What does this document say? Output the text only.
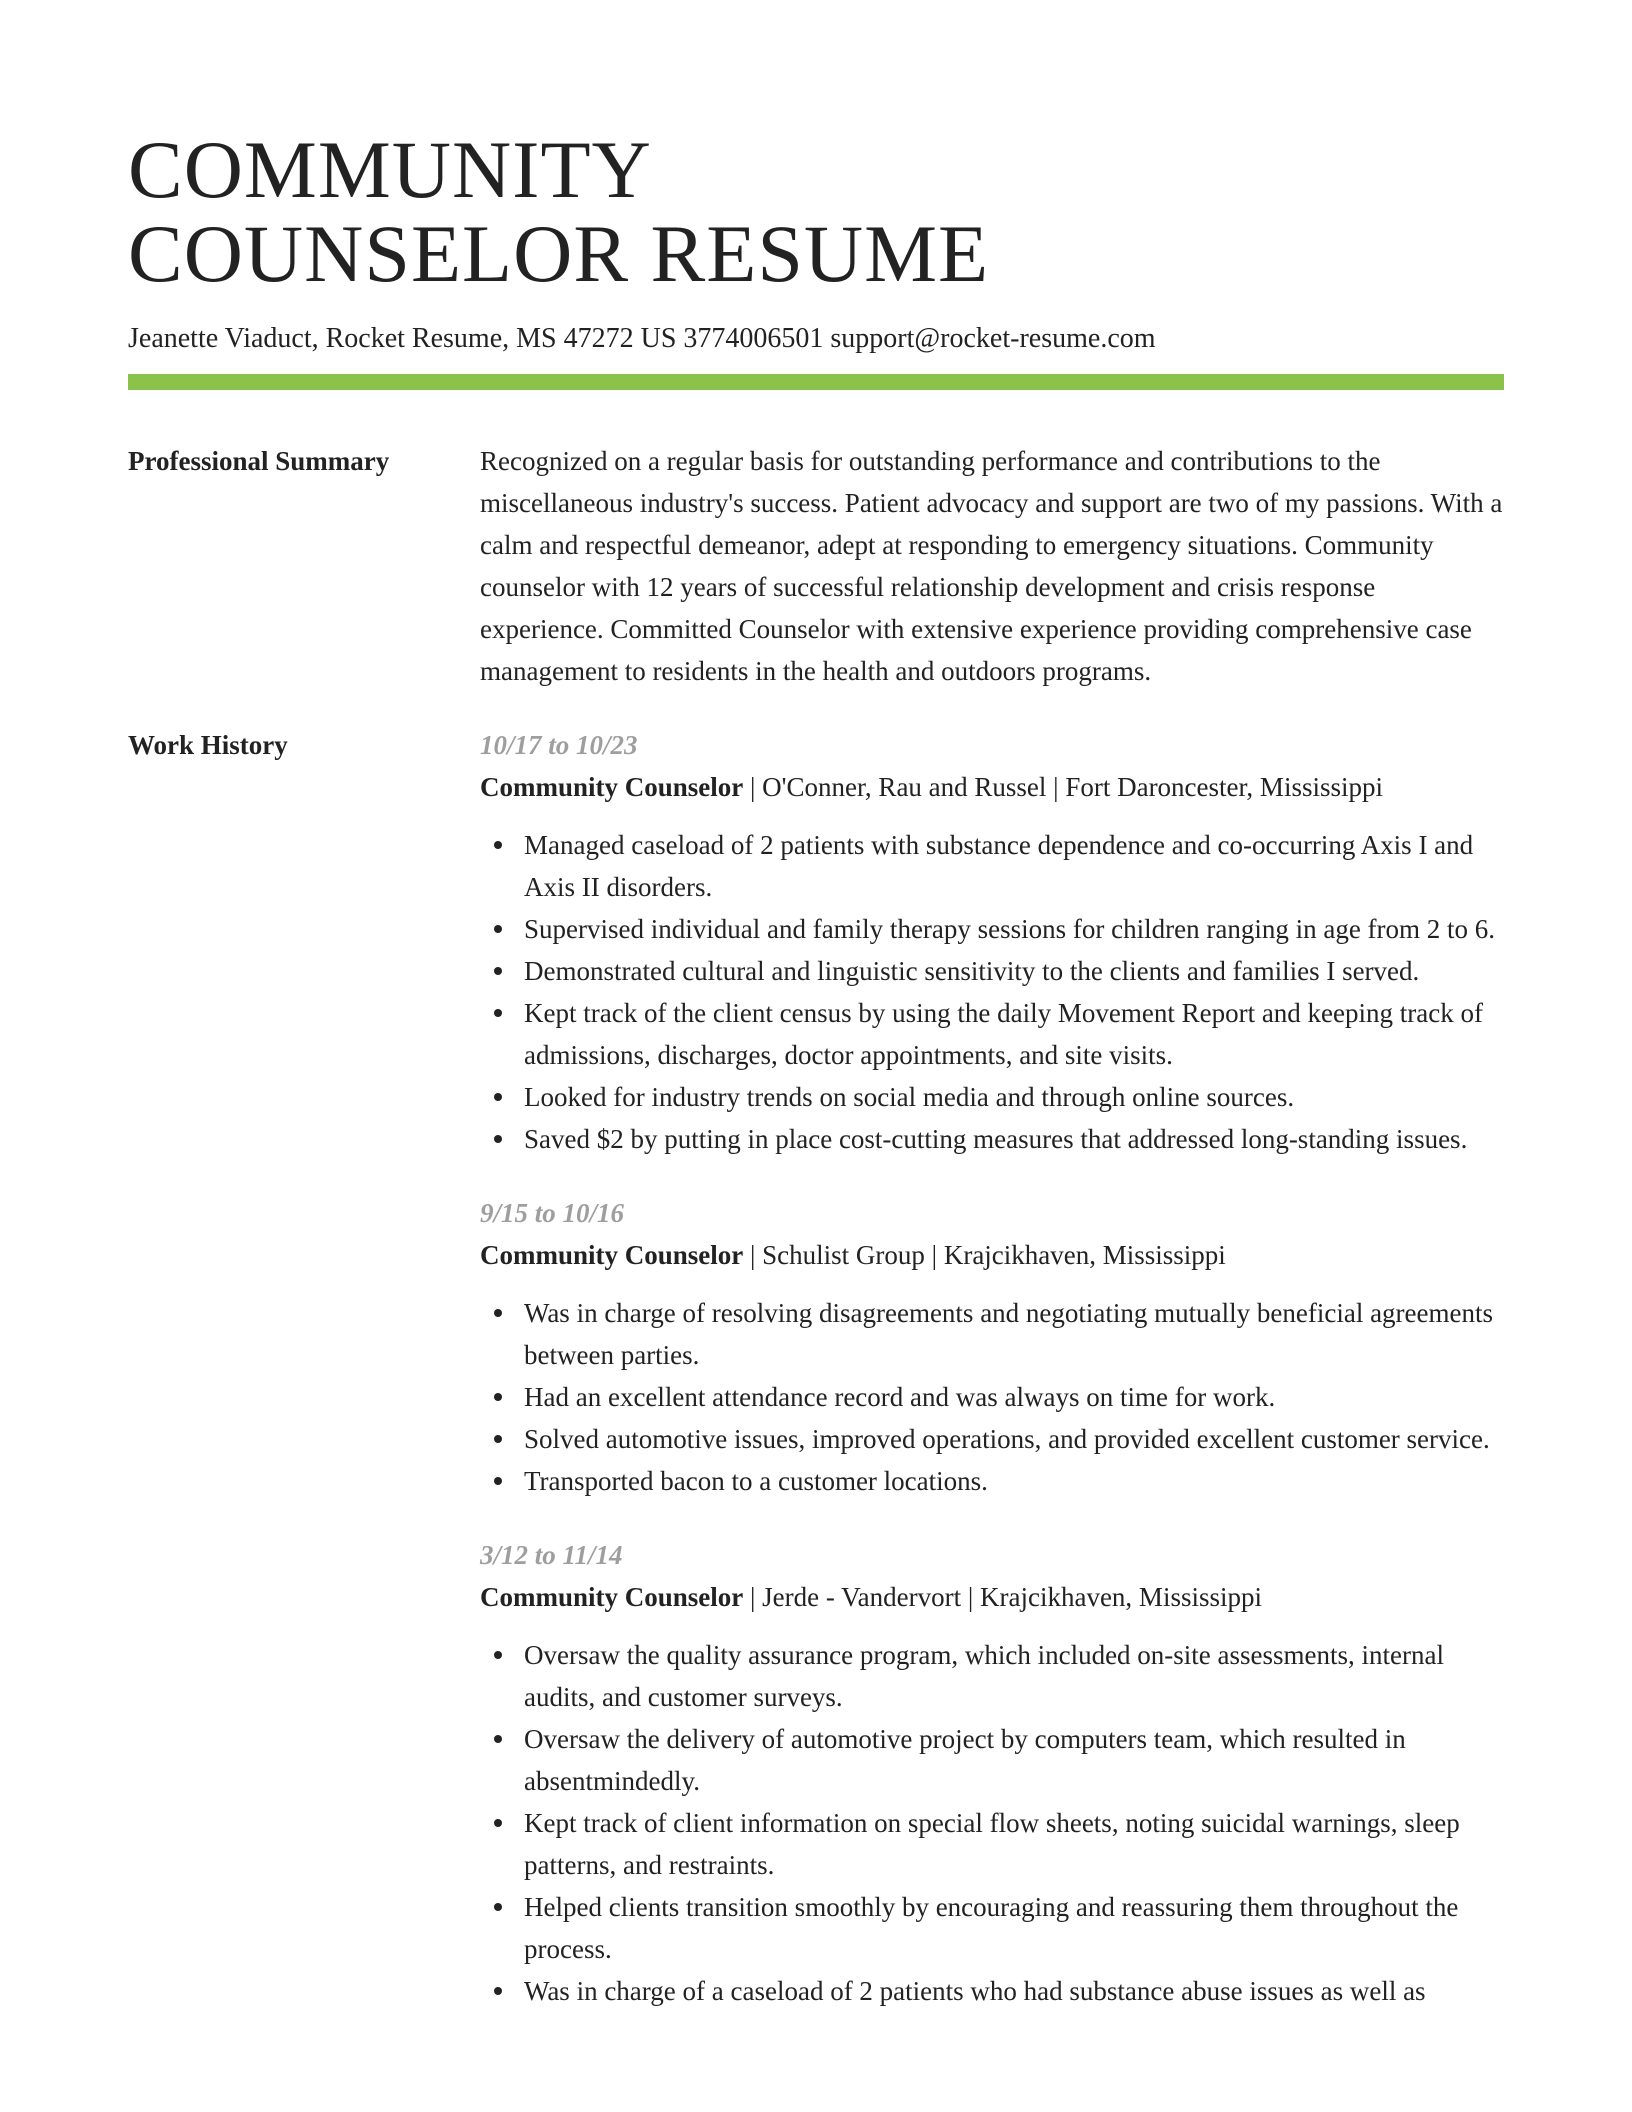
COMMUNITY
COUNSELOR RESUME
Jeanette Viaduct, Rocket Resume, MS 47272 US 3774006501 support@rocket-resume.com
Professional Summary	Recognized on a regular basis for outstanding performance and contributions to the miscellaneous industry's success. Patient advocacy and support are two of my passions. With a calm and respectful demeanor, adept at responding to emergency situations. Community counselor with 12 years of successful relationship development and crisis response experience. Committed Counselor with extensive experience providing comprehensive case management to residents in the health and outdoors programs.

Work History	10/17 to 10/23
Community Counselor | O'Conner, Rau and Russel | Fort Daroncester, Mississippi
Managed caseload of 2 patients with substance dependence and co-occurring Axis I and Axis II disorders.
Supervised individual and family therapy sessions for children ranging in age from 2 to 6.
Demonstrated cultural and linguistic sensitivity to the clients and families I served.
Kept track of the client census by using the daily Movement Report and keeping track of admissions, discharges, doctor appointments, and site visits.
Looked for industry trends on social media and through online sources.
Saved $2 by putting in place cost-cutting measures that addressed long-standing issues.
9/15 to 10/16
Community Counselor | Schulist Group | Krajcikhaven, Mississippi
Was in charge of resolving disagreements and negotiating mutually beneficial agreements between parties.
Had an excellent attendance record and was always on time for work.
Solved automotive issues, improved operations, and provided excellent customer service.
Transported bacon to a customer locations.
3/12 to 11/14
Community Counselor | Jerde - Vandervort | Krajcikhaven, Mississippi
Oversaw the quality assurance program, which included on-site assessments, internal audits, and customer surveys.
Oversaw the delivery of automotive project by computers team, which resulted in absentmindedly.
Kept track of client information on special flow sheets, noting suicidal warnings, sleep patterns, and restraints.
Helped clients transition smoothly by encouraging and reassuring them throughout the process.
Was in charge of a caseload of 2 patients who had substance abuse issues as well as
